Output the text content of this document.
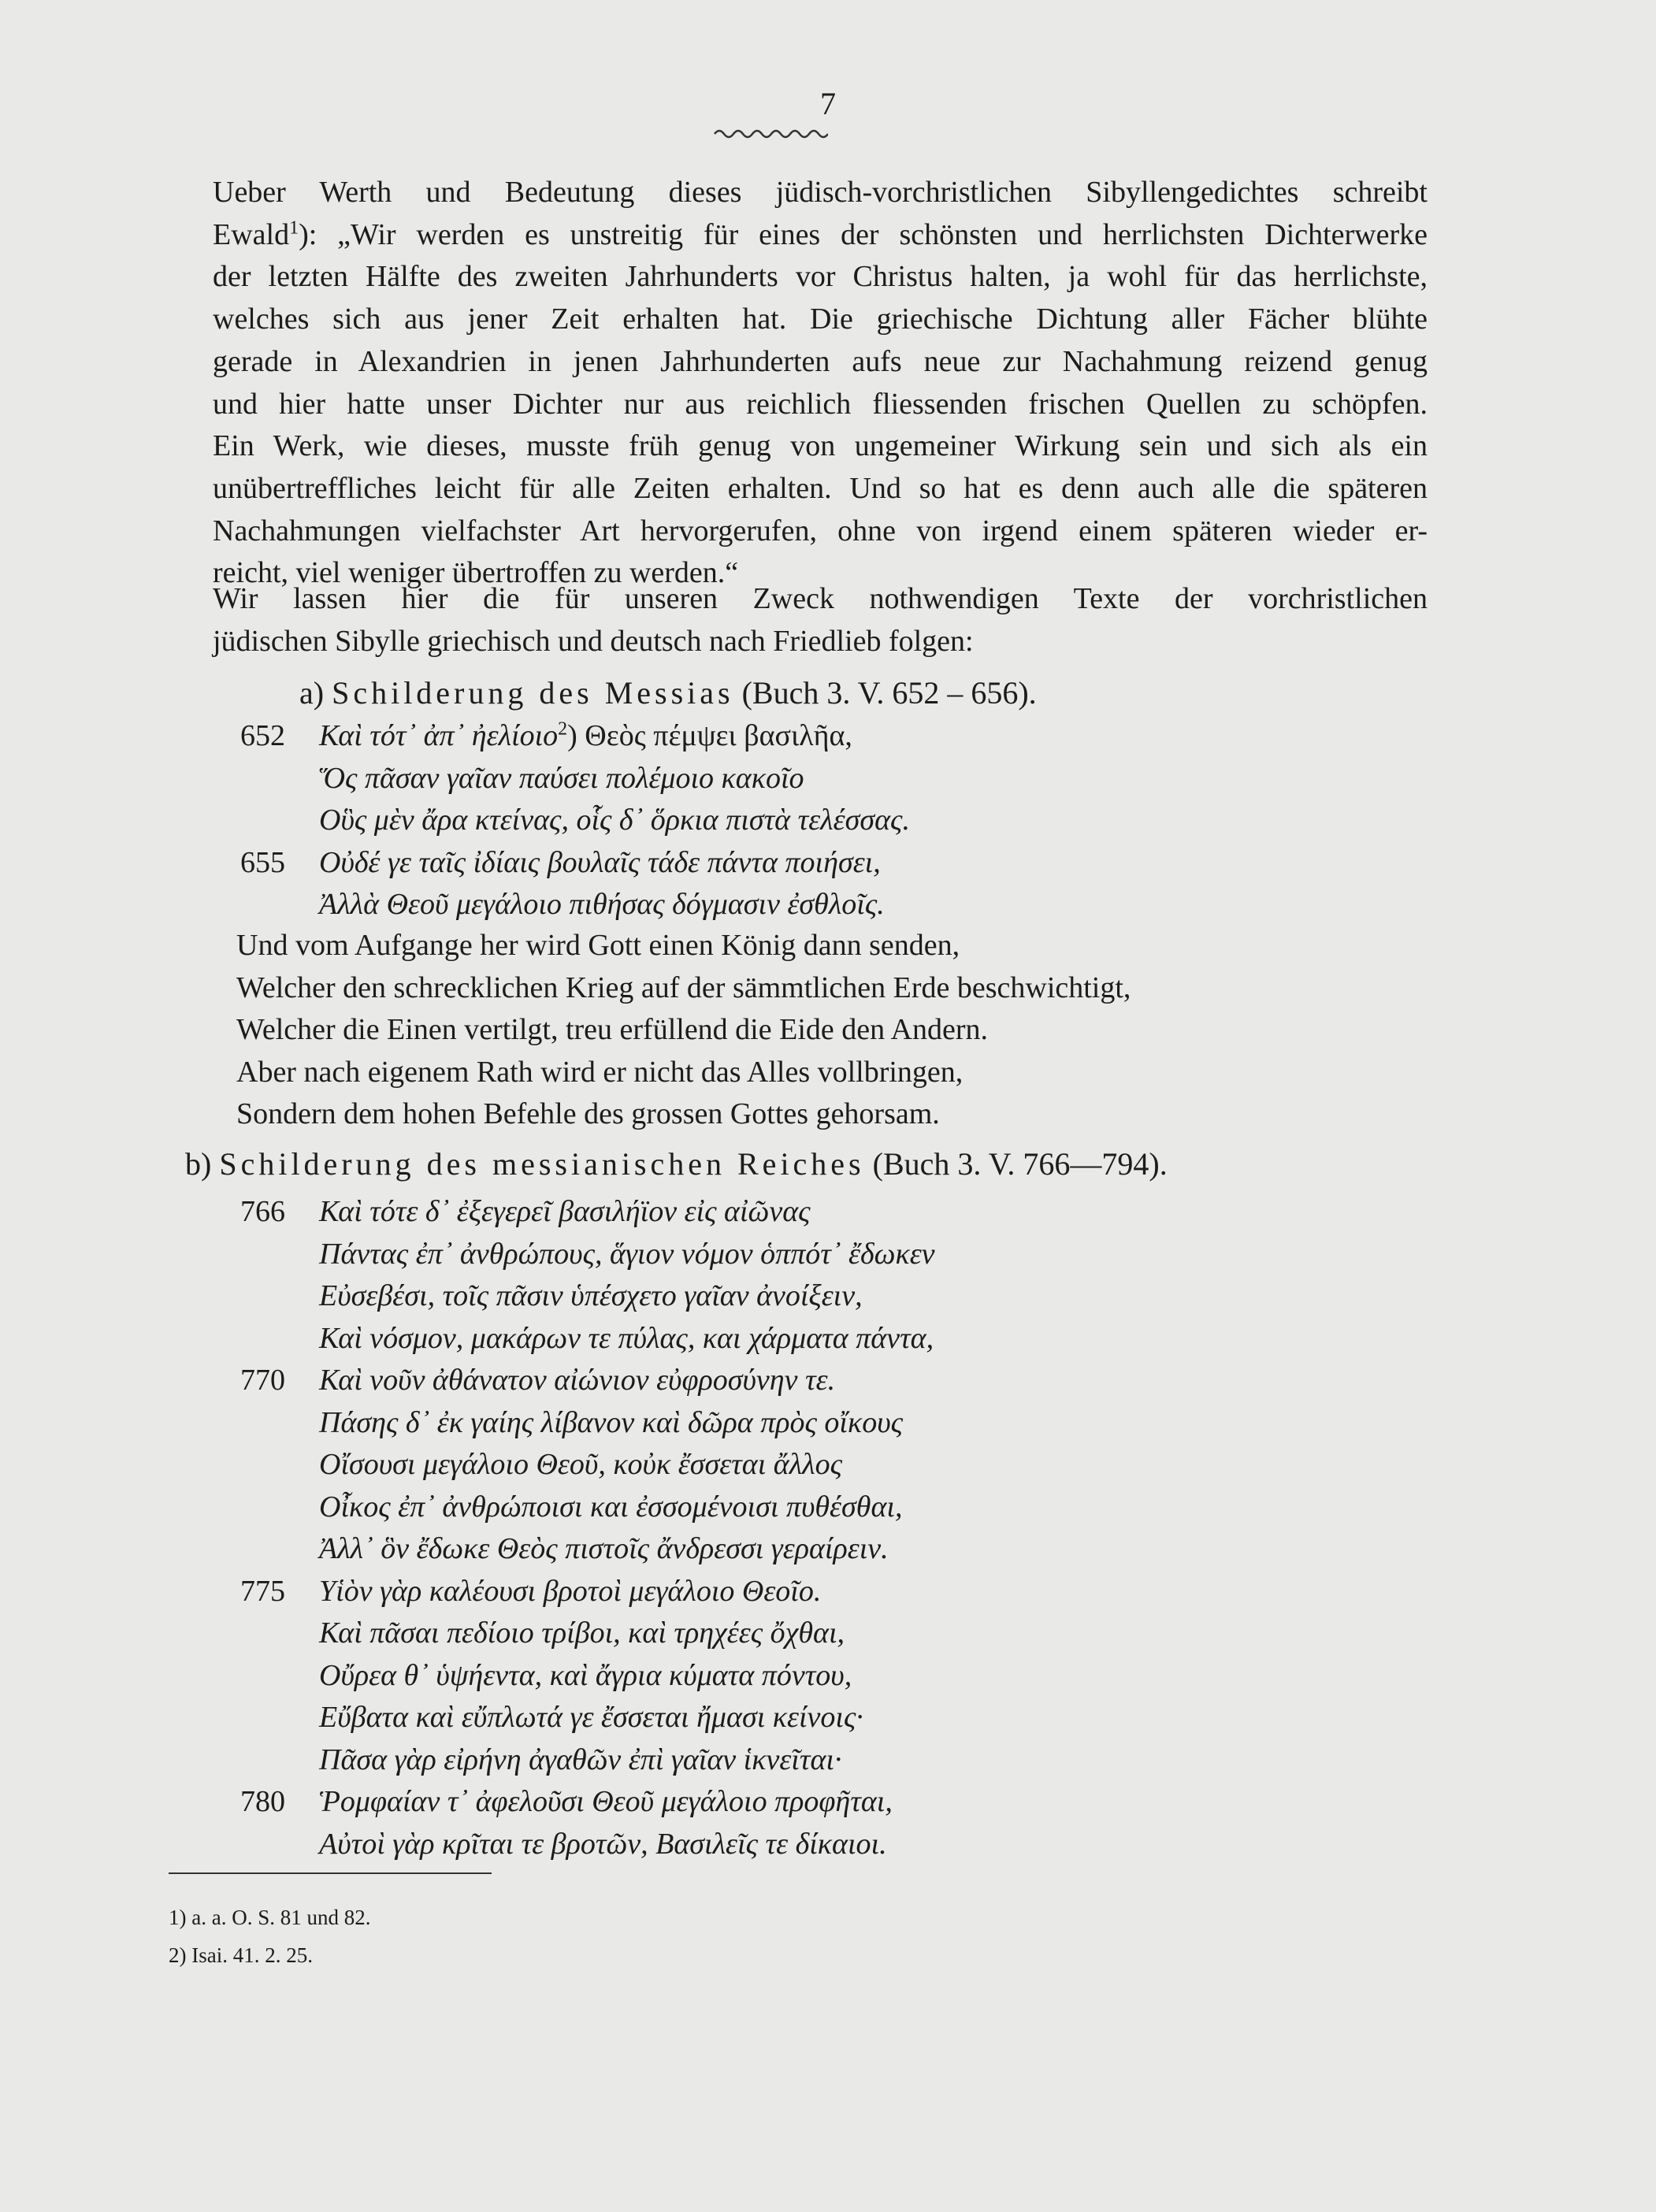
7

Ueber Werth und Bedeutung dieses jüdisch-vorchristlichen Sibyllengedichtes schreibt
Ewald$^1$): „Wir werden es unstreitig für eines der schönsten und herrlichsten Dichterwerke
der letzten Hälfte des zweiten Jahrhunderts vor Christus halten, ja wohl für das herrlichste,
welches sich aus jener Zeit erhalten hat. Die griechische Dichtung aller Fächer blühte
gerade in Alexandrien in jenen Jahrhunderten aufs neue zur Nachahmung reizend genug
und hier hatte unser Dichter nur aus reichlich fliessenden frischen Quellen zu schöpfen.
Ein Werk, wie dieses, musste früh genug von ungemeiner Wirkung sein und sich als ein
unübertreffliches leicht für alle Zeiten erhalten. Und so hat es denn auch alle die späteren
Nachahmungen vielfachster Art hervorgerufen, ohne von irgend einem späteren wieder er-
reicht, viel weniger übertroffen zu werden.“

Wir lassen hier die für unseren Zweck nothwendigen Texte der vorchristlichen
jüdischen Sibylle griechisch und deutsch nach Friedlieb folgen:

a) Schilderung des Messias (Buch 3. V. 652 – 656).
652 Καὶ τότ᾽ ἀπ᾽ ἠελίοιο$^2$) Θεὸς πέμψει βασιλῆα,
Ὅς πᾶσαν γαῖαν παύσει πολέμοιο κακοῖο
Οὓς μὲν ἄρα κτείνας, οἷς δ᾽ ὅρκια πιστὰ τελέσσας.
655 Οὐδέ γε ταῖς ἰδίαις βουλαῖς τάδε πάντα ποιήσει,
Ἀλλὰ Θεοῦ μεγάλοιο πιθήσας δόγμασιν ἐσθλοῖς.
Und vom Aufgange her wird Gott einen König dann senden,
Welcher den schrecklichen Krieg auf der sämmtlichen Erde beschwichtigt,
Welcher die Einen vertilgt, treu erfüllend die Eide den Andern.
Aber nach eigenem Rath wird er nicht das Alles vollbringen,
Sondern dem hohen Befehle des grossen Gottes gehorsam.
b) Schilderung des messianischen Reiches (Buch 3. V. 766—794).
766 Καὶ τότε δ᾽ ἐξεγερεῖ βασιλήϊον εἰς αἰῶνας
Πάντας ἐπ᾽ ἀνθρώπους, ἅγιον νόμον ὁππότ᾽ ἔδωκεν
Εὐσεβέσι, τοῖς πᾶσιν ὑπέσχετο γαῖαν ἀνοίξειν,
Καὶ νόσμον, μακάρων τε πύλας, και χάρματα πάντα,
770 Καὶ νοῦν ἀθάνατον αἰώνιον εὐφροσύνην τε.
Πάσης δ᾽ ἐκ γαίης λίβανον καὶ δῶρα πρὸς οἴκους
Οἴσουσι μεγάλοιο Θεοῦ, κοὐκ ἔσσεται ἄλλος
Οἶκος ἐπ᾽ ἀνθρώποισι και ἐσσομένοισι πυθέσθαι,
Ἀλλ᾽ ὃν ἔδωκε Θεὸς πιστοῖς ἄνδρεσσι γεραίρειν.
775 Υἱὸν γὰρ καλέουσι βροτοὶ μεγάλοιο Θεοῖο.
Καὶ πᾶσαι πεδίοιο τρίβοι, καὶ τρηχέες ὄχθαι,
Οὔρεα θ᾽ ὑψήεντα, καὶ ἄγρια κύματα πόντου,
Εὔβατα καὶ εὔπλωτά γε ἔσσεται ἤμασι κείνοις·
Πᾶσα γὰρ εἰρήνη ἀγαθῶν ἐπὶ γαῖαν ἱκνεῖται·
780 Ῥομφαίαν τ᾽ ἀφελοῦσι Θεοῦ μεγάλοιο προφῆται,
Αὐτοὶ γὰρ κρῖται τε βροτῶν, Βασιλεῖς τε δίκαιοι.
1) a. a. O. S. 81 und 82.
2) Isai. 41. 2. 25.
